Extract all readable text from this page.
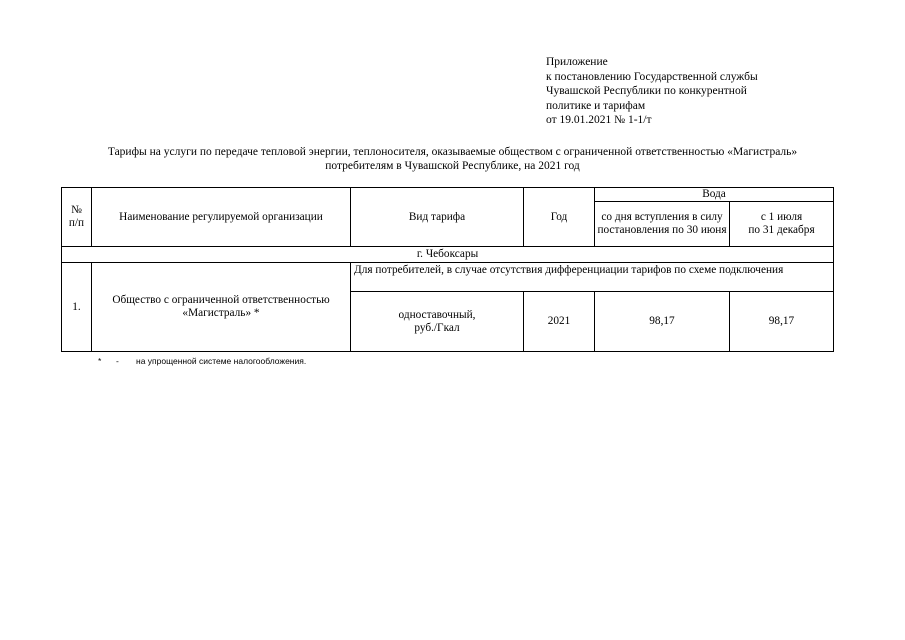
Приложение
к постановлению Государственной службы
Чувашской Республики по конкурентной
политике и тарифам
от 19.01.2021 № 1-1/т
Тарифы на услуги по передаче тепловой энергии, теплоносителя, оказываемые обществом с ограниченной ответственностью «Магистраль»
потребителям в Чувашской Республике, на 2021 год
№
п/п	Наименование регулируемой организации	Вид тарифа	Год	Вода	
				со дня вступления в силу постановления по 30 июня	с 1 июля
по 31 декабря
г. Чебоксары					
1.	Общество с ограниченной ответственностью «Магистраль» *	Для потребителей, в случае отсутствия дифференциации тарифов по схеме подключения			
		одноставочный,
руб./Гкал	2021	98,17	98,17
* - на упрощенной системе налогообложения.
